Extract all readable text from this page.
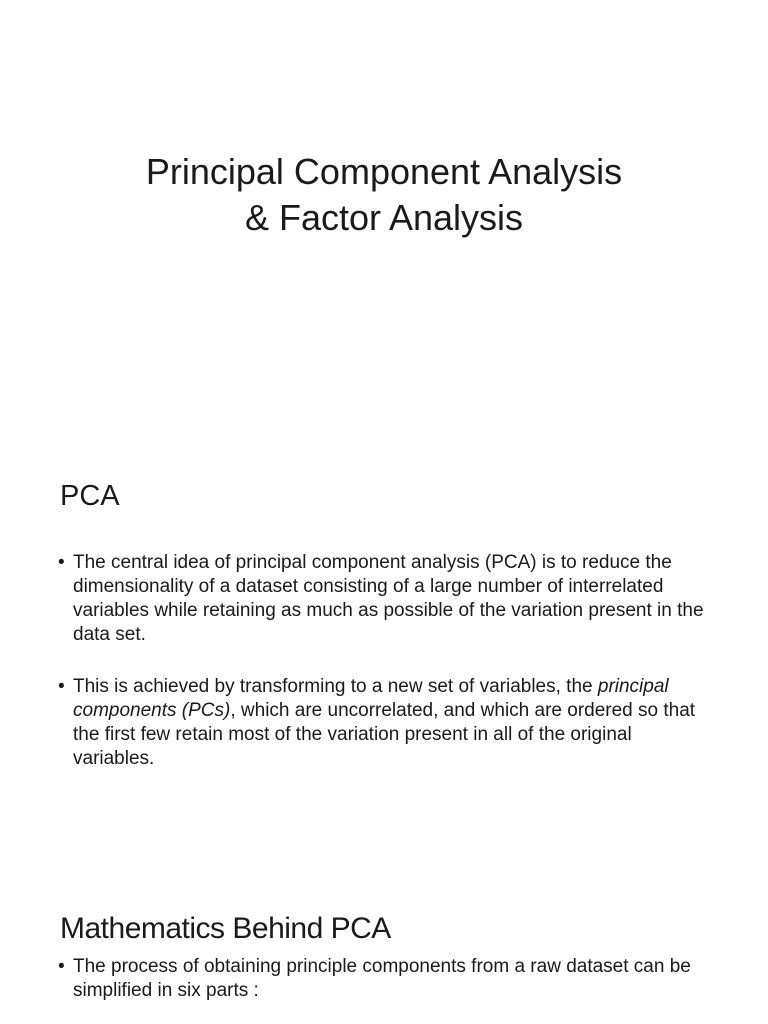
Principal Component Analysis
& Factor Analysis
PCA
• The central idea of principal component analysis (PCA) is to reduce the dimensionality of a dataset consisting of a large number of interrelated variables while retaining as much as possible of the variation present in the data set.
• This is achieved by transforming to a new set of variables, the principal components (PCs), which are uncorrelated, and which are ordered so that the first few retain most of the variation present in all of the original variables.
Mathematics Behind PCA
• The process of obtaining principle components from a raw dataset can be simplified in six parts :
